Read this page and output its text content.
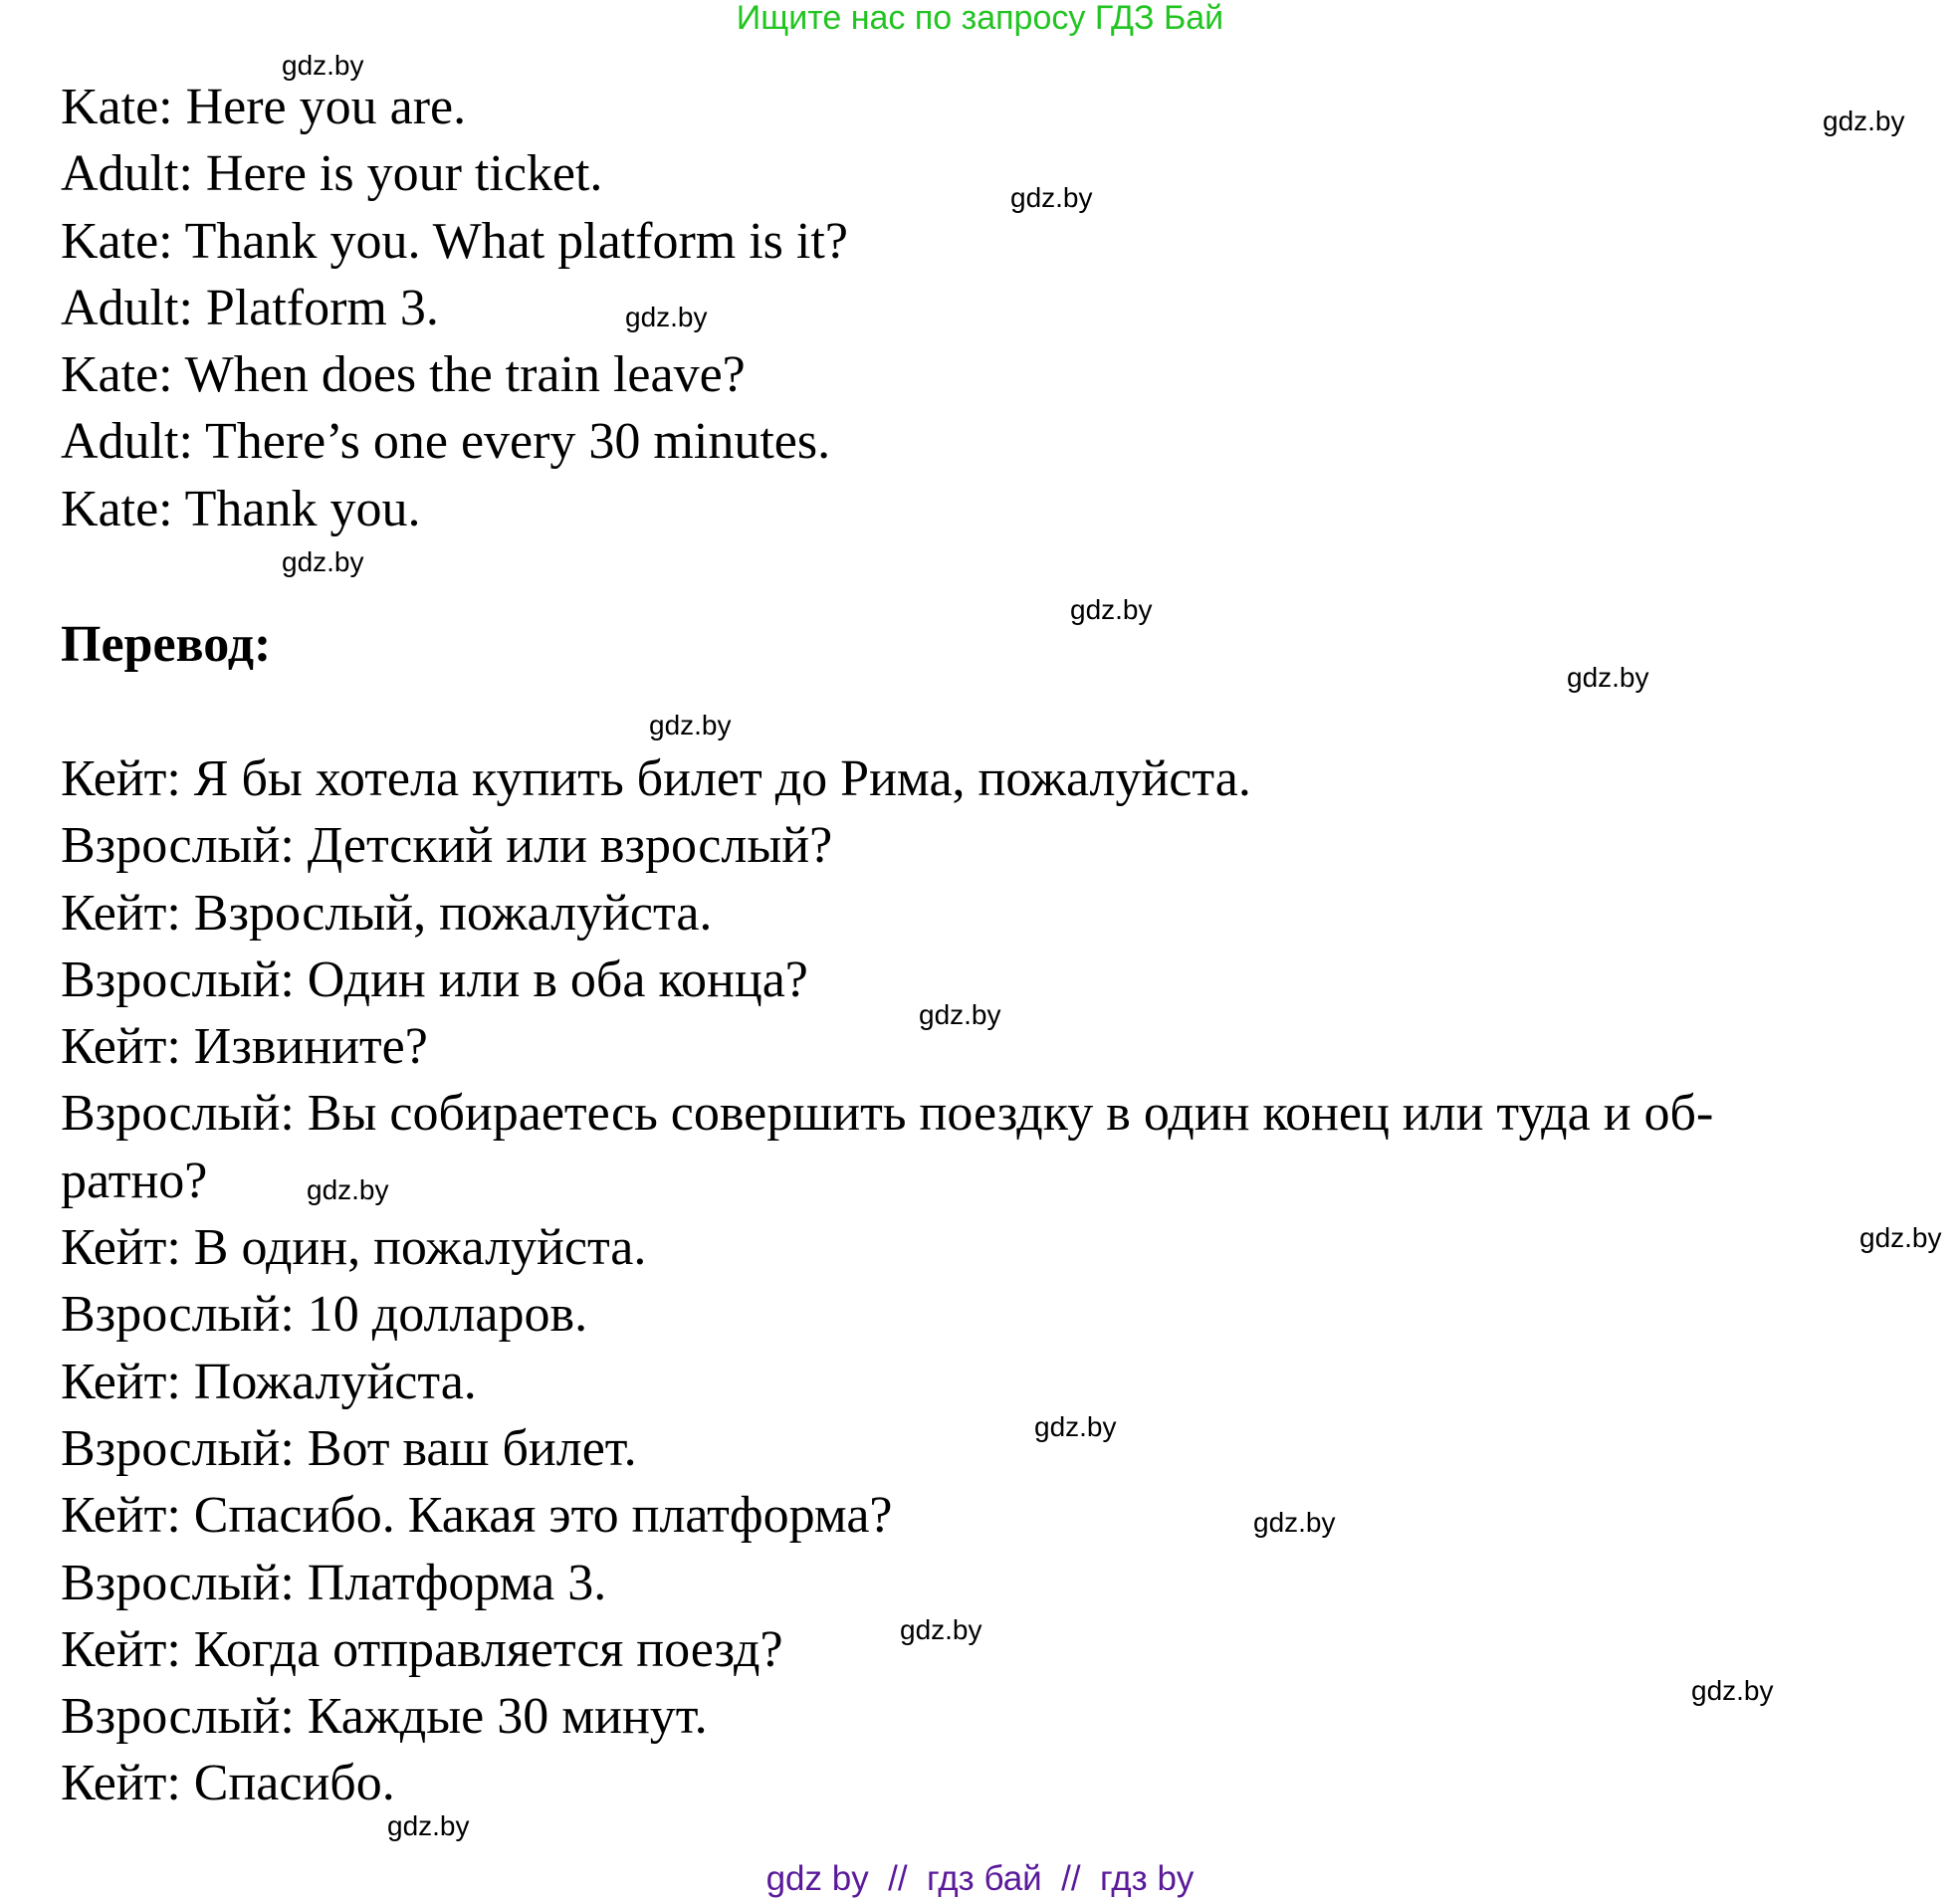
Ищите нас по запросу ГДЗ Бай
Kate: Here you are.
Adult: Here is your ticket.
Kate: Thank you. What platform is it?
Adult: Platform 3.
Kate: When does the train leave?
Adult: There’s one every 30 minutes.
Kate: Thank you.
Перевод:
Кейт: Я бы хотела купить билет до Рима, пожалуйста.
Взрослый: Детский или взрослый?
Кейт: Взрослый, пожалуйста.
Взрослый: Один или в оба конца?
Кейт: Извините?
Взрослый: Вы собираетесь совершить поездку в один конец или туда и об-
ратно?
Кейт: В один, пожалуйста.
Взрослый: 10 долларов.
Кейт: Пожалуйста.
Взрослый: Вот ваш билет.
Кейт: Спасибо. Какая это платформа?
Взрослый: Платформа 3.
Кейт: Когда отправляется поезд?
Взрослый: Каждые 30 минут.
Кейт: Спасибо.
gdz.by
gdz.by
gdz.by
gdz.by
gdz.by
gdz.by
gdz.by
gdz.by
gdz.by
gdz.by
gdz.by
gdz.by
gdz.by
gdz.by
gdz.by
gdz.by
gdz by  //  гдз бай  //  гдз by
